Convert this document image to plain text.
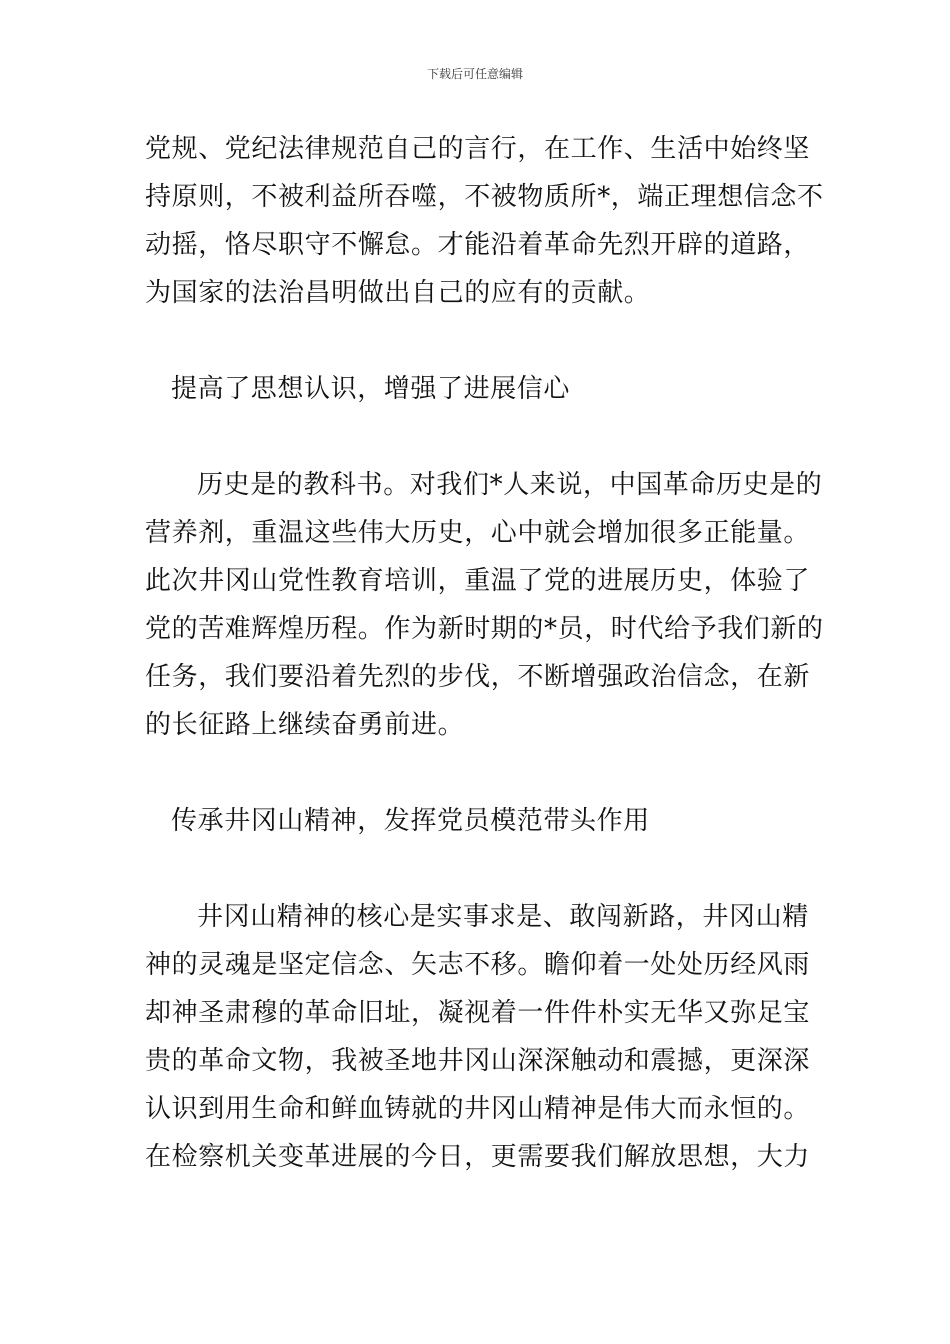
下载后可任意编辑
党规、党纪法律规范自己的言行，在工作、生活中始终坚
持原则，不被利益所吞噬，不被物质所*，端正理想信念不
动摇，恪尽职守不懈怠。才能沿着革命先烈开辟的道路，
为国家的法治昌明做出自己的应有的贡献。
提高了思想认识，增强了进展信心
历史是的教科书。对我们*人来说，中国革命历史是的
营养剂，重温这些伟大历史，心中就会增加很多正能量。
此次井冈山党性教育培训，重温了党的进展历史，体验了
党的苦难辉煌历程。作为新时期的*员，时代给予我们新的
任务，我们要沿着先烈的步伐，不断增强政治信念，在新
的长征路上继续奋勇前进。
传承井冈山精神，发挥党员模范带头作用
井冈山精神的核心是实事求是、敢闯新路，井冈山精
神的灵魂是坚定信念、矢志不移。瞻仰着一处处历经风雨
却神圣肃穆的革命旧址，凝视着一件件朴实无华又弥足宝
贵的革命文物，我被圣地井冈山深深触动和震撼，更深深
认识到用生命和鲜血铸就的井冈山精神是伟大而永恒的。
在检察机关变革进展的今日，更需要我们解放思想，大力
